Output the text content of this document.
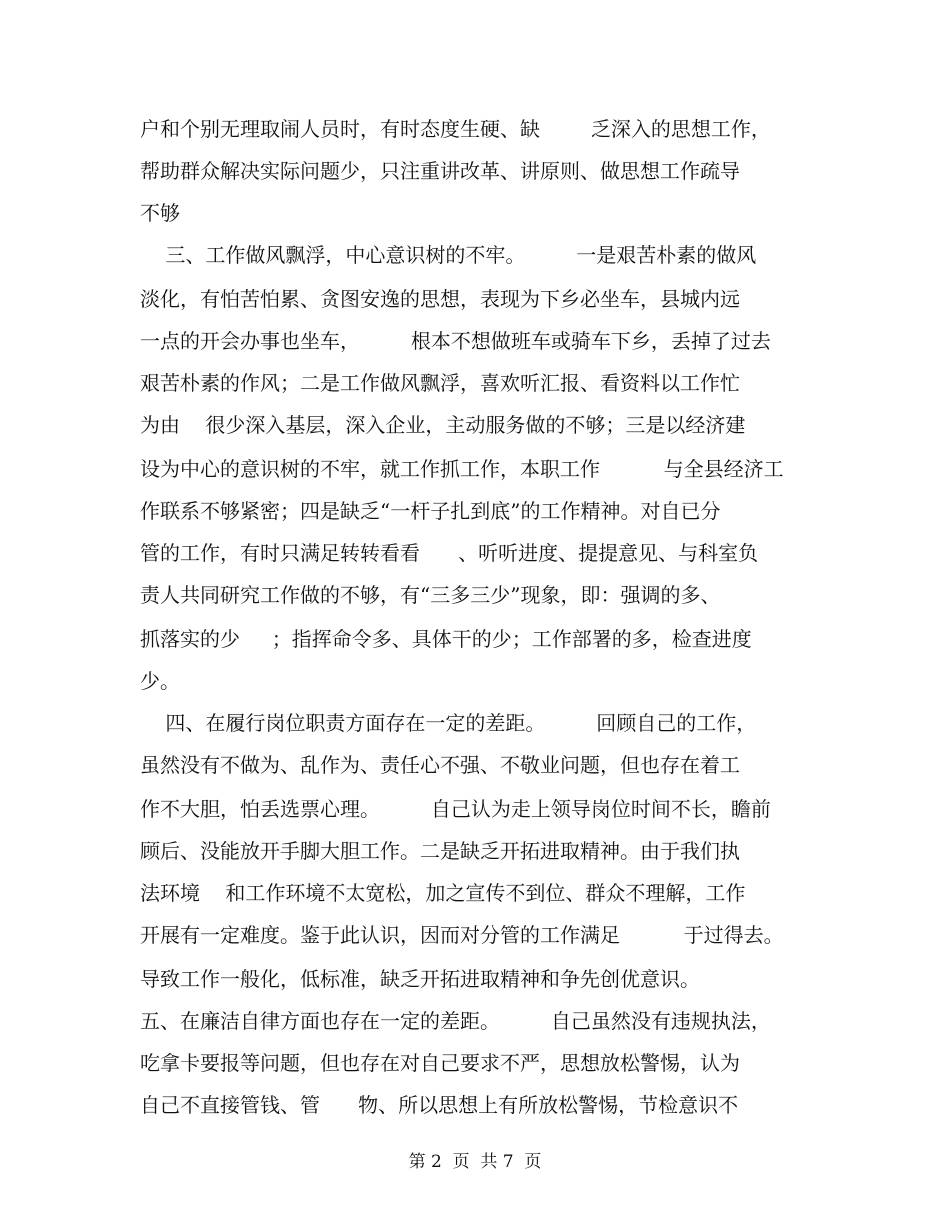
户和个别无理取闹人员时，有时态度生硬、缺        乏深入的思想工作，
帮助群众解决实际问题少，只注重讲改革、讲原则、做思想工作疏导
不够
三、工作做风飘浮，中心意识树的不牢。        一是艰苦朴素的做风
淡化，有怕苦怕累、贪图安逸的思想，表现为下乡必坐车，县城内远
一点的开会办事也坐车，        根本不想做班车或骑车下乡，丢掉了过去
艰苦朴素的作风；二是工作做风飘浮，喜欢听汇报、看资料以工作忙
为由    很少深入基层，深入企业，主动服务做的不够；三是以经济建
设为中心的意识树的不牢，就工作抓工作，本职工作          与全县经济工
作联系不够紧密；四是缺乏“一杆子扎到底”的工作精神。对自已分
管的工作，有时只满足转转看看      、听听进度、提提意见、与科室负
责人共同研究工作做的不够，有“三多三少”现象，即：强调的多、
抓落实的少     ；指挥命令多、具体干的少；工作部署的多，检查进度
少。
四、在履行岗位职责方面存在一定的差距。        回顾自己的工作，
虽然没有不做为、乱作为、责任心不强、不敬业问题，但也存在着工
作不大胆，怕丢选票心理。        自己认为走上领导岗位时间不长，瞻前
顾后、没能放开手脚大胆工作。二是缺乏开拓进取精神。由于我们执
法环境    和工作环境不太宽松，加之宣传不到位、群众不理解，工作
开展有一定难度。鉴于此认识，因而对分管的工作满足          于过得去。
导致工作一般化，低标准，缺乏开拓进取精神和争先创优意识。
五、在廉洁自律方面也存在一定的差距。        自己虽然没有违规执法，
吃拿卡要报等问题，但也存在对自己要求不严，思想放松警惕，认为
自己不直接管钱、管      物、所以思想上有所放松警惕，节检意识不
第 2  页  共 7  页
